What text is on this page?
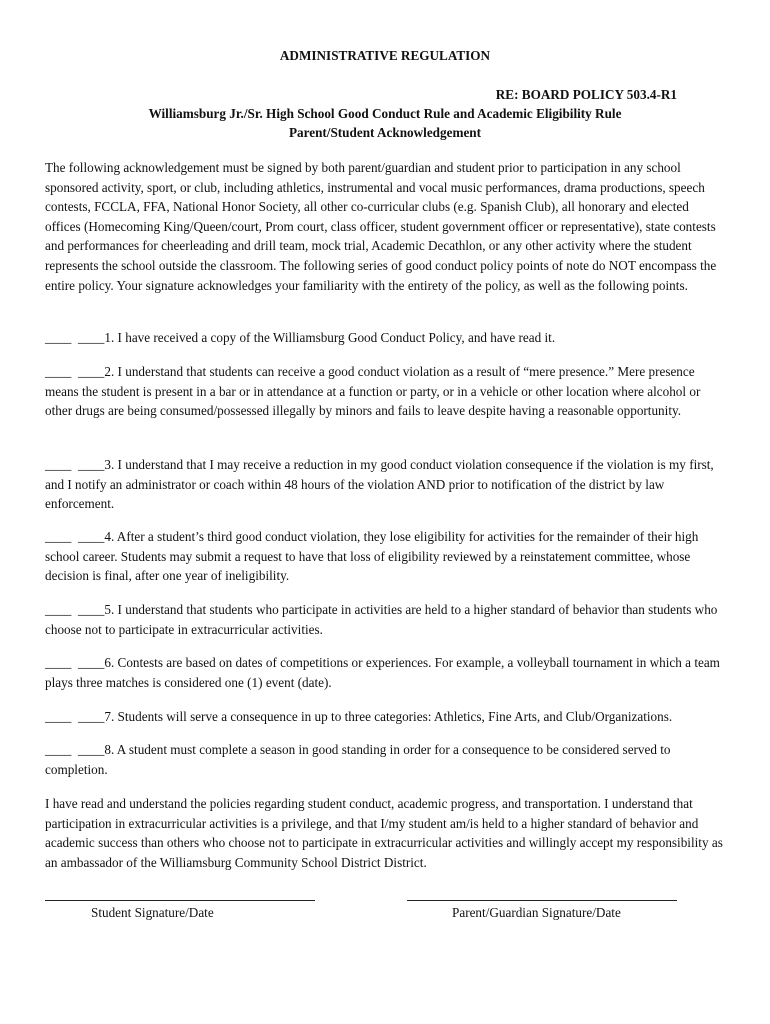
ADMINISTRATIVE REGULATION
RE: BOARD POLICY 503.4-R1
Williamsburg Jr./Sr. High School Good Conduct Rule and Academic Eligibility Rule
Parent/Student Acknowledgement

The following acknowledgement must be signed by both parent/guardian and student prior to participation in any school sponsored activity, sport, or club, including athletics, instrumental and vocal music performances, drama productions, speech contests, FCCLA, FFA, National Honor Society, all other co-curricular clubs (e.g. Spanish Club), all honorary and elected offices (Homecoming King/Queen/court, Prom court, class officer, student government officer or representative), state contests and performances for cheerleading and drill team, mock trial, Academic Decathlon, or any other activity where the student represents the school outside the classroom. The following series of good conduct policy points of note do NOT encompass the entire policy. Your signature acknowledges your familiarity with the entirety of the policy, as well as the following points.

____  ____1. I have received a copy of the Williamsburg Good Conduct Policy, and have read it.

____  ____2. I understand that students can receive a good conduct violation as a result of “mere presence.” Mere presence means the student is present in a bar or in attendance at a function or party, or in a vehicle or other location where alcohol or other drugs are being consumed/possessed illegally by minors and fails to leave despite having a reasonable opportunity.

____  ____3. I understand that I may receive a reduction in my good conduct violation consequence if the violation is my first, and I notify an administrator or coach within 48 hours of the violation AND prior to notification of the district by law enforcement.

____  ____4. After a student’s third good conduct violation, they lose eligibility for activities for the remainder of their high school career. Students may submit a request to have that loss of eligibility reviewed by a reinstatement committee, whose decision is final, after one year of ineligibility.

____  ____5. I understand that students who participate in activities are held to a higher standard of behavior than students who choose not to participate in extracurricular activities.

____  ____6. Contests are based on dates of competitions or experiences. For example, a volleyball tournament in which a team plays three matches is considered one (1) event (date).

____  ____7. Students will serve a consequence in up to three categories: Athletics, Fine Arts, and Club/Organizations.

____  ____8. A student must complete a season in good standing in order for a consequence to be considered served to completion.

I have read and understand the policies regarding student conduct, academic progress, and transportation. I understand that participation in extracurricular activities is a privilege, and that I/my student am/is held to a higher standard of behavior and academic success than others who choose not to participate in extracurricular activities and willingly accept my responsibility as an ambassador of the Williamsburg Community School District District.

Student Signature/Date	Parent/Guardian Signature/Date
